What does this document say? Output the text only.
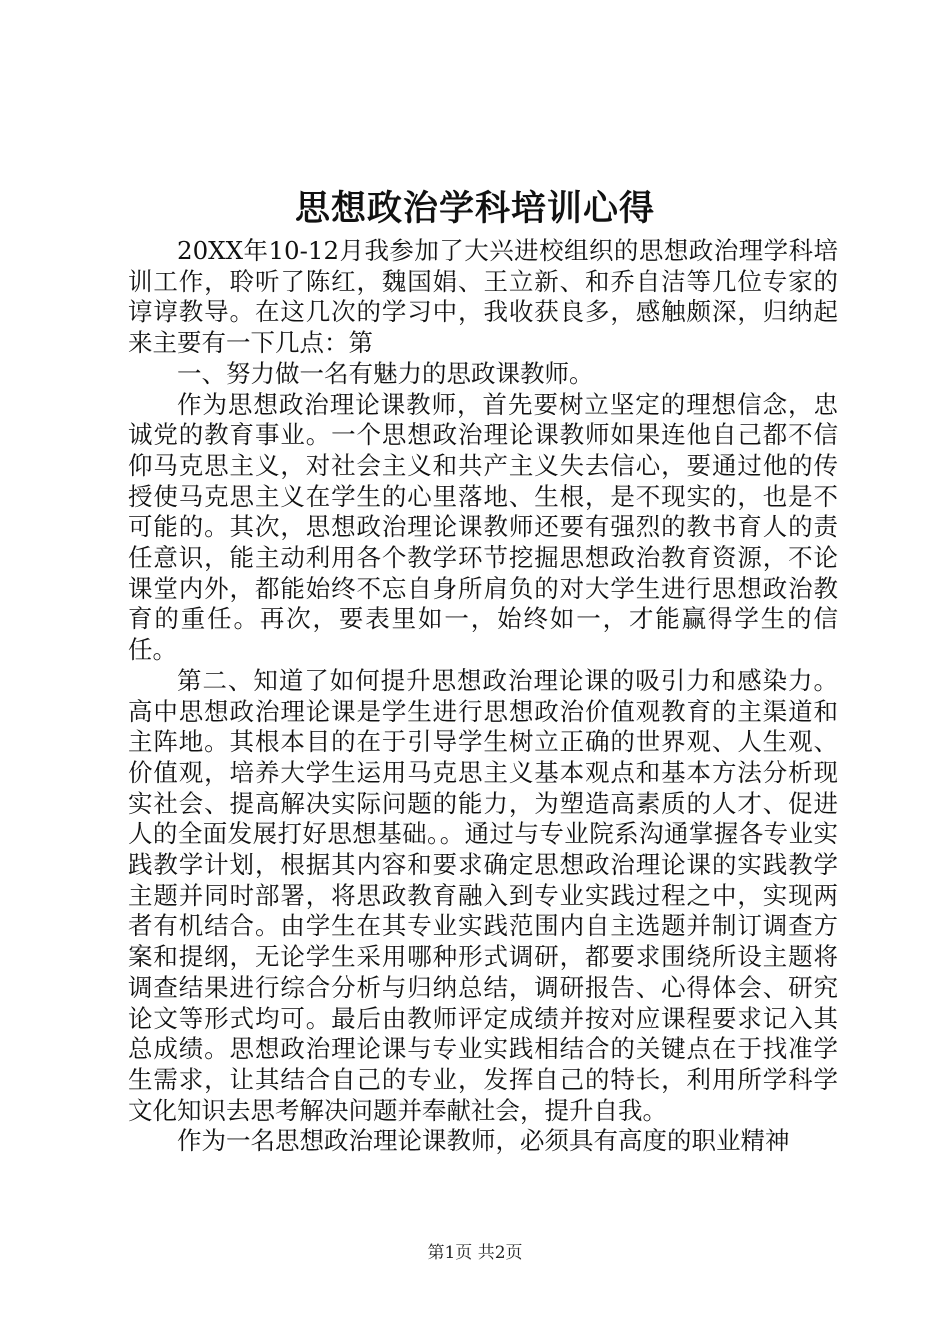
思想政治学科培训心得

20XX年10-12月我参加了大兴进校组织的思想政治理学科培训工作，聆听了陈红，魏国娟、王立新、和乔自洁等几位专家的谆谆教导。在这几次的学习中，我收获良多，感触颇深，归纳起来主要有一下几点：第

一、努力做一名有魅力的思政课教师。

作为思想政治理论课教师，首先要树立坚定的理想信念，忠诚党的教育事业。一个思想政治理论课教师如果连他自己都不信仰马克思主义，对社会主义和共产主义失去信心，要通过他的传授使马克思主义在学生的心里落地、生根，是不现实的，也是不可能的。其次，思想政治理论课教师还要有强烈的教书育人的责任意识，能主动利用各个教学环节挖掘思想政治教育资源，不论课堂内外，都能始终不忘自身所肩负的对大学生进行思想政治教育的重任。再次，要表里如一，始终如一，才能赢得学生的信任。

第二、知道了如何提升思想政治理论课的吸引力和感染力。高中思想政治理论课是学生进行思想政治价值观教育的主渠道和主阵地。其根本目的在于引导学生树立正确的世界观、人生观、价值观，培养大学生运用马克思主义基本观点和基本方法分析现实社会、提高解决实际问题的能力，为塑造高素质的人才、促进人的全面发展打好思想基础。。通过与专业院系沟通掌握各专业实践教学计划，根据其内容和要求确定思想政治理论课的实践教学主题并同时部署，将思政教育融入到专业实践过程之中，实现两者有机结合。由学生在其专业实践范围内自主选题并制订调查方案和提纲，无论学生采用哪种形式调研，都要求围绕所设主题将调查结果进行综合分析与归纳总结，调研报告、心得体会、研究论文等形式均可。最后由教师评定成绩并按对应课程要求记入其总成绩。思想政治理论课与专业实践相结合的关键点在于找准学生需求，让其结合自己的专业，发挥自己的特长，利用所学科学文化知识去思考解决问题并奉献社会，提升自我。

作为一名思想政治理论课教师，必须具有高度的职业精神

第1页 共2页
